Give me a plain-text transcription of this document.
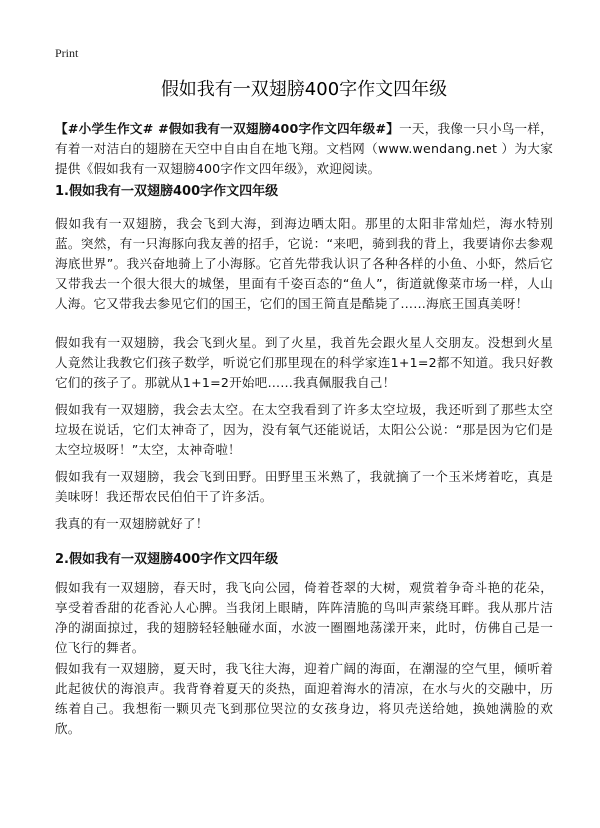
Print
假如我有一双翅膀400字作文四年级
【#小学生作文# #假如我有一双翅膀400字作文四年级#】一天，我像一只小鸟一样，有着一对洁白的翅膀在天空中自由自在地飞翔。文档网（www.wendang.net ）为大家提供《假如我有一双翅膀400字作文四年级》，欢迎阅读。
1.假如我有一双翅膀400字作文四年级
假如我有一双翅膀，我会飞到大海，到海边晒太阳。那里的太阳非常灿烂，海水特别蓝。突然，有一只海豚向我友善的招手，它说：“来吧，骑到我的背上，我要请你去参观海底世界”。我兴奋地骑上了小海豚。它首先带我认识了各种各样的小鱼、小虾，然后它又带我去一个很大很大的城堡，里面有千姿百态的“鱼人”，街道就像菜市场一样，人山人海。它又带我去参见它们的国王，它们的国王简直是酷毙了……海底王国真美呀！
假如我有一双翅膀，我会飞到火星。到了火星，我首先会跟火星人交朋友。没想到火星人竟然让我教它们孩子数学，听说它们那里现在的科学家连1+1=2都不知道。我只好教它们的孩子了。那就从1+1=2开始吧……我真佩服我自己！
假如我有一双翅膀，我会去太空。在太空我看到了许多太空垃圾，我还听到了那些太空垃圾在说话，它们太神奇了，因为，没有氧气还能说话，太阳公公说：“那是因为它们是太空垃圾呀！”太空，太神奇啦！
假如我有一双翅膀，我会飞到田野。田野里玉米熟了，我就摘了一个玉米烤着吃，真是美味呀！我还帮农民伯伯干了许多活。
我真的有一双翅膀就好了！
2.假如我有一双翅膀400字作文四年级
假如我有一双翅膀，春天时，我飞向公园，倚着苍翠的大树，观赏着争奇斗艳的花朵，享受着香甜的花香沁人心脾。当我闭上眼睛，阵阵清脆的鸟叫声萦绕耳畔。我从那片洁净的湖面掠过，我的翅膀轻轻触碰水面，水波一圈圈地荡漾开来，此时，仿佛自己是一位飞行的舞者。
假如我有一双翅膀，夏天时，我飞往大海，迎着广阔的海面，在潮湿的空气里，倾听着此起彼伏的海浪声。我背脊着夏天的炎热，面迎着海水的清凉，在水与火的交融中，历练着自己。我想衔一颗贝壳飞到那位哭泣的女孩身边，将贝壳送给她，换她满脸的欢欣。
